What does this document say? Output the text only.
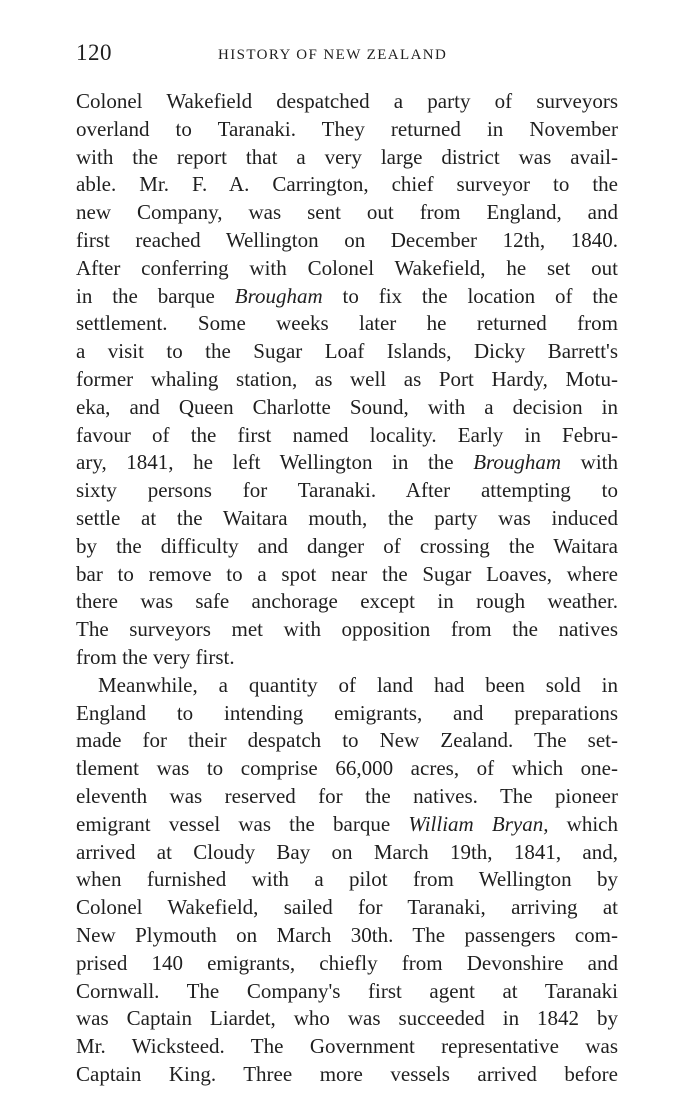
120	HISTORY OF NEW ZEALAND
Colonel Wakefield despatched a party of surveyors
overland to Taranaki. They returned in November
with the report that a very large district was avail-
able. Mr. F. A. Carrington, chief surveyor to the
new Company, was sent out from England, and
first reached Wellington on December 12th, 1840.
After conferring with Colonel Wakefield, he set out
in the barque Brougham to fix the location of the
settlement. Some weeks later he returned from
a visit to the Sugar Loaf Islands, Dicky Barrett's
former whaling station, as well as Port Hardy, Motu-
eka, and Queen Charlotte Sound, with a decision in
favour of the first named locality. Early in Febru-
ary, 1841, he left Wellington in the Brougham with
sixty persons for Taranaki. After attempting to
settle at the Waitara mouth, the party was induced
by the difficulty and danger of crossing the Waitara
bar to remove to a spot near the Sugar Loaves, where
there was safe anchorage except in rough weather.
The surveyors met with opposition from the natives
from the very first.
Meanwhile, a quantity of land had been sold in
England to intending emigrants, and preparations
made for their despatch to New Zealand. The set-
tlement was to comprise 66,000 acres, of which one-
eleventh was reserved for the natives. The pioneer
emigrant vessel was the barque William Bryan, which
arrived at Cloudy Bay on March 19th, 1841, and,
when furnished with a pilot from Wellington by
Colonel Wakefield, sailed for Taranaki, arriving at
New Plymouth on March 30th. The passengers com-
prised 140 emigrants, chiefly from Devonshire and
Cornwall. The Company's first agent at Taranaki
was Captain Liardet, who was succeeded in 1842 by
Mr. Wicksteed. The Government representative was
Captain King. Three more vessels arrived before
